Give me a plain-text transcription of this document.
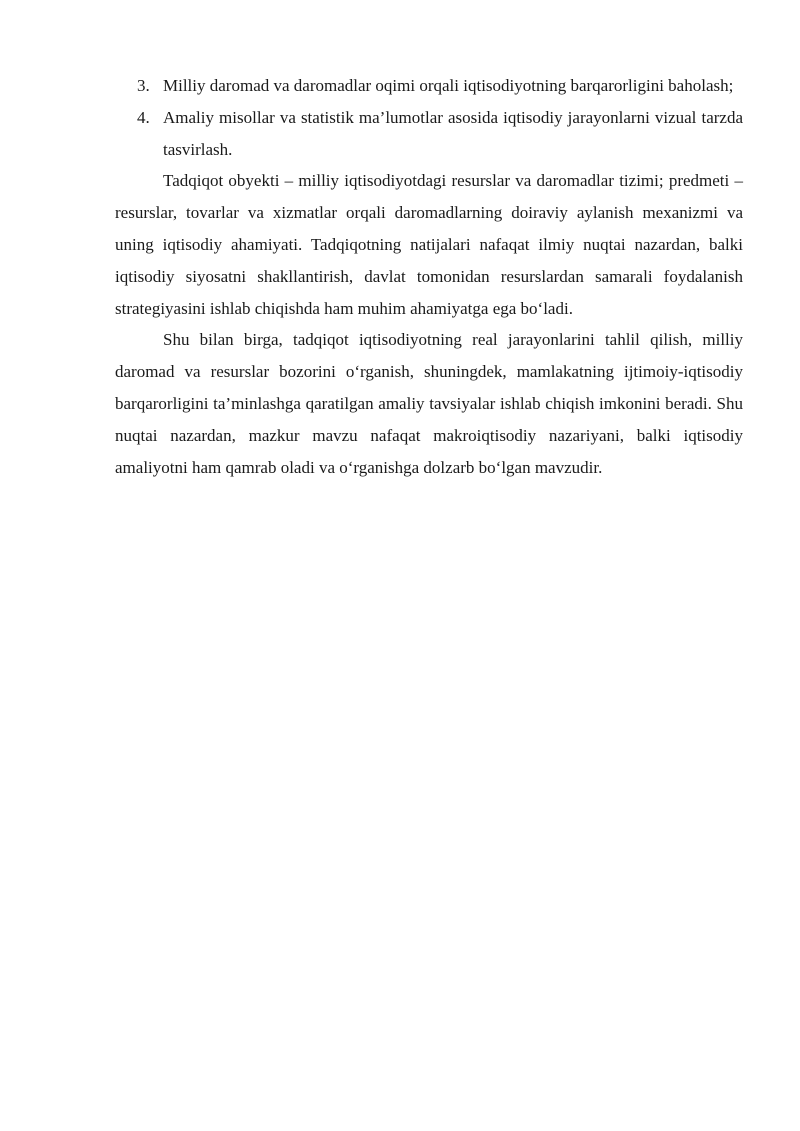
3. Milliy daromad va daromadlar oqimi orqali iqtisodiyotning barqarorligini baholash;
4. Amaliy misollar va statistik ma’lumotlar asosida iqtisodiy jarayonlarni vizual tarzda tasvirlash.

Tadqiqot obyekti – milliy iqtisodiyotdagi resurslar va daromadlar tizimi; predmeti – resurslar, tovarlar va xizmatlar orqali daromadlarning doiraviy aylanish mexanizmi va uning iqtisodiy ahamiyati. Tadqiqotning natijalari nafaqat ilmiy nuqtai nazardan, balki iqtisodiy siyosatni shakllantirish, davlat tomonidan resurslardan samarali foydalanish strategiyasini ishlab chiqishda ham muhim ahamiyatga ega boʻladi.

Shu bilan birga, tadqiqot iqtisodiyotning real jarayonlarini tahlil qilish, milliy daromad va resurslar bozorini oʻrganish, shuningdek, mamlakatning ijtimoiy-iqtisodiy barqarorligini ta’minlashga qaratilgan amaliy tavsiyalar ishlab chiqish imkonini beradi. Shu nuqtai nazardan, mazkur mavzu nafaqat makroiqtisodiy nazariyani, balki iqtisodiy amaliyotni ham qamrab oladi va oʻrganishga dolzarb boʻlgan mavzudir.
